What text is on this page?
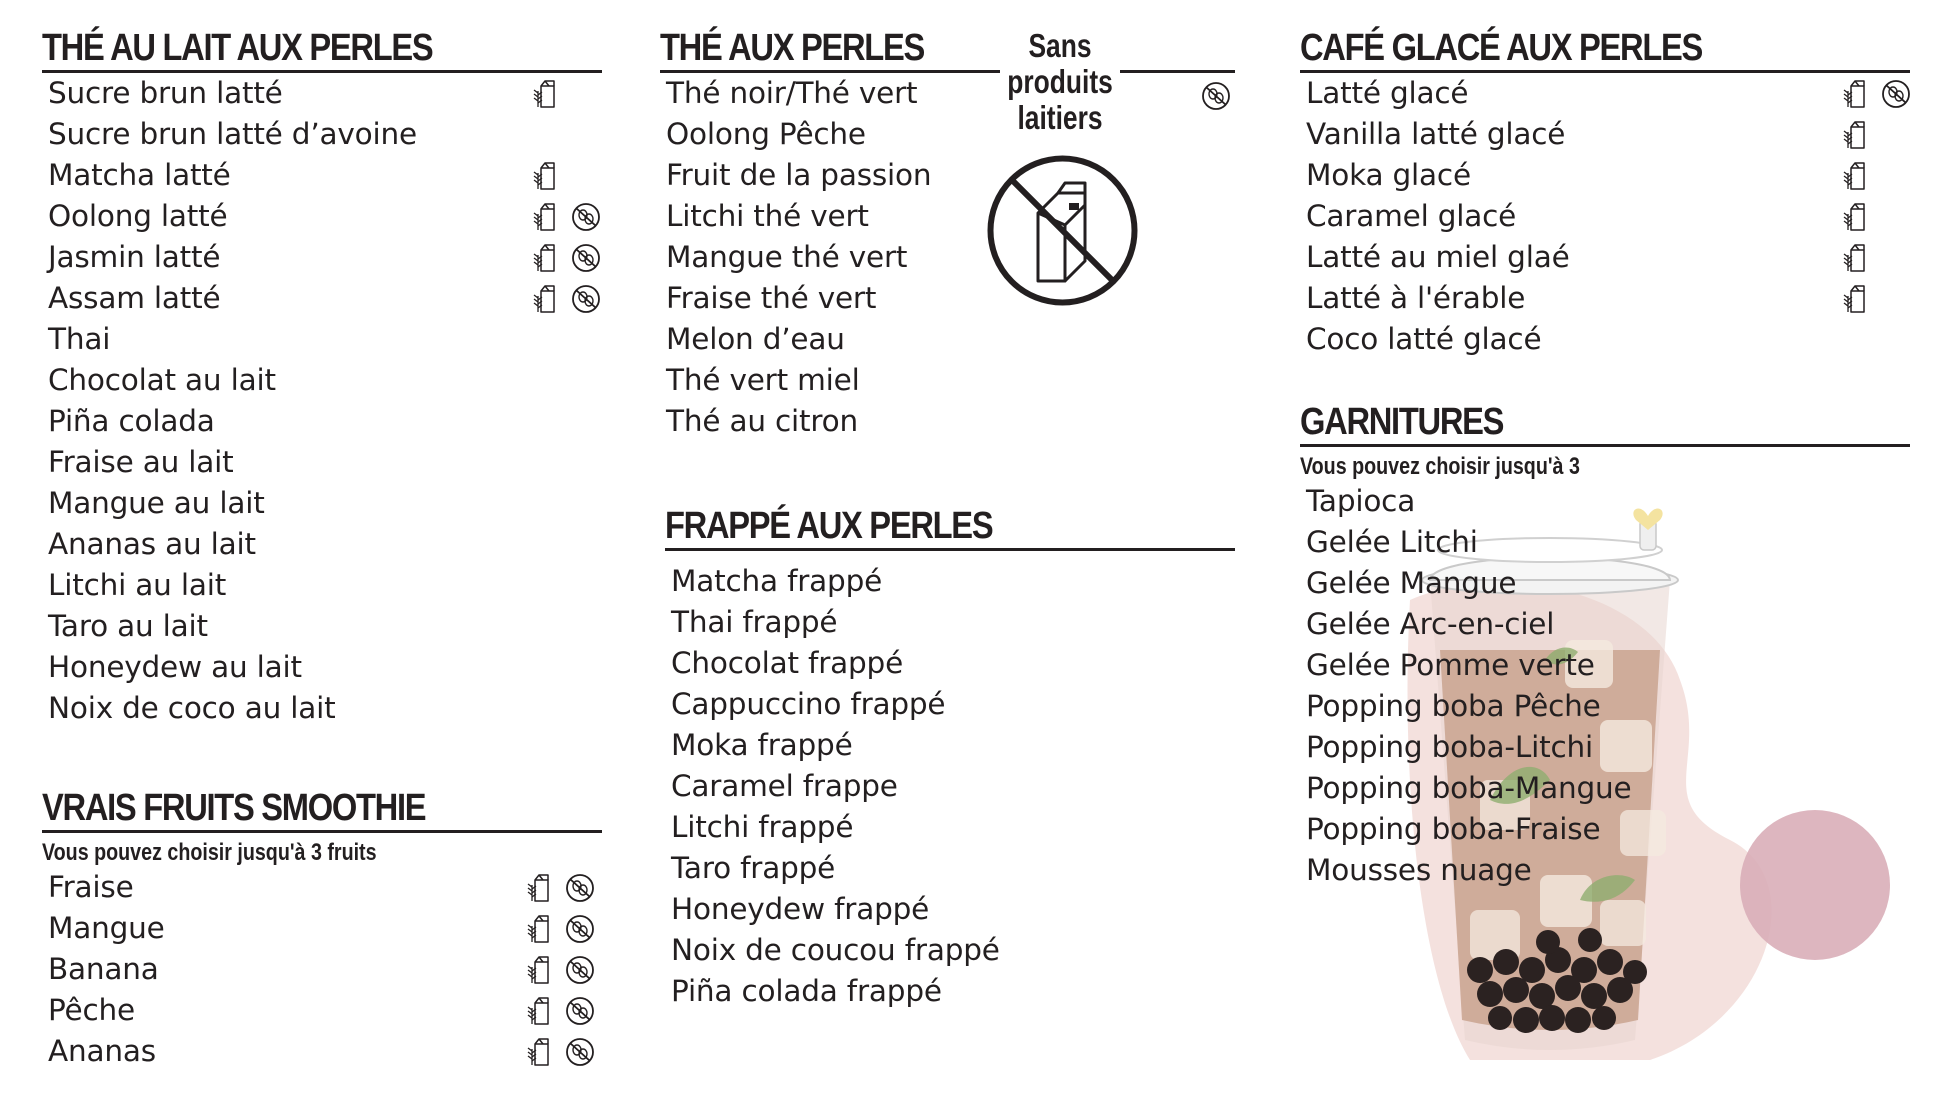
THÉ AU LAIT AUX PERLES
Sucre brun latté
Sucre brun latté d’avoine
Matcha latté
Oolong latté
Jasmin latté
Assam latté
Thai
Chocolat au lait
Piña colada
Fraise au lait
Mangue au lait
Ananas au lait
Litchi au lait
Taro au lait
Honeydew au lait
Noix de coco au lait
VRAIS FRUITS SMOOTHIE
Vous pouvez choisir jusqu'à 3 fruits
Fraise
Mangue
Banana
Pêche
Ananas
THÉ AUX PERLES
Thé noir/Thé vert
Oolong Pêche
Fruit de la passion
Litchi thé vert
Mangue thé vert
Fraise thé vert
Melon d’eau
Thé vert miel
Thé au citron
Sans produits laitiers
FRAPPÉ AUX PERLES
Matcha frappé
Thai frappé
Chocolat frappé
Cappuccino frappé
Moka frappé
Caramel frappe
Litchi frappé
Taro frappé
Honeydew frappé
Noix de coucou frappé
Piña colada frappé
CAFÉ GLACÉ AUX PERLES
Latté glacé
Vanilla latté glacé
Moka glacé
Caramel glacé
Latté au miel glaé
Latté à l'érable
Coco latté glacé
GARNITURES
Vous pouvez choisir jusqu'à 3
Tapioca
Gelée Litchi
Gelée Mangue
Gelée Arc-en-ciel
Gelée Pomme verte
Popping boba Pêche
Popping boba-Litchi
Popping boba-Mangue
Popping boba-Fraise
Mousses nuage
